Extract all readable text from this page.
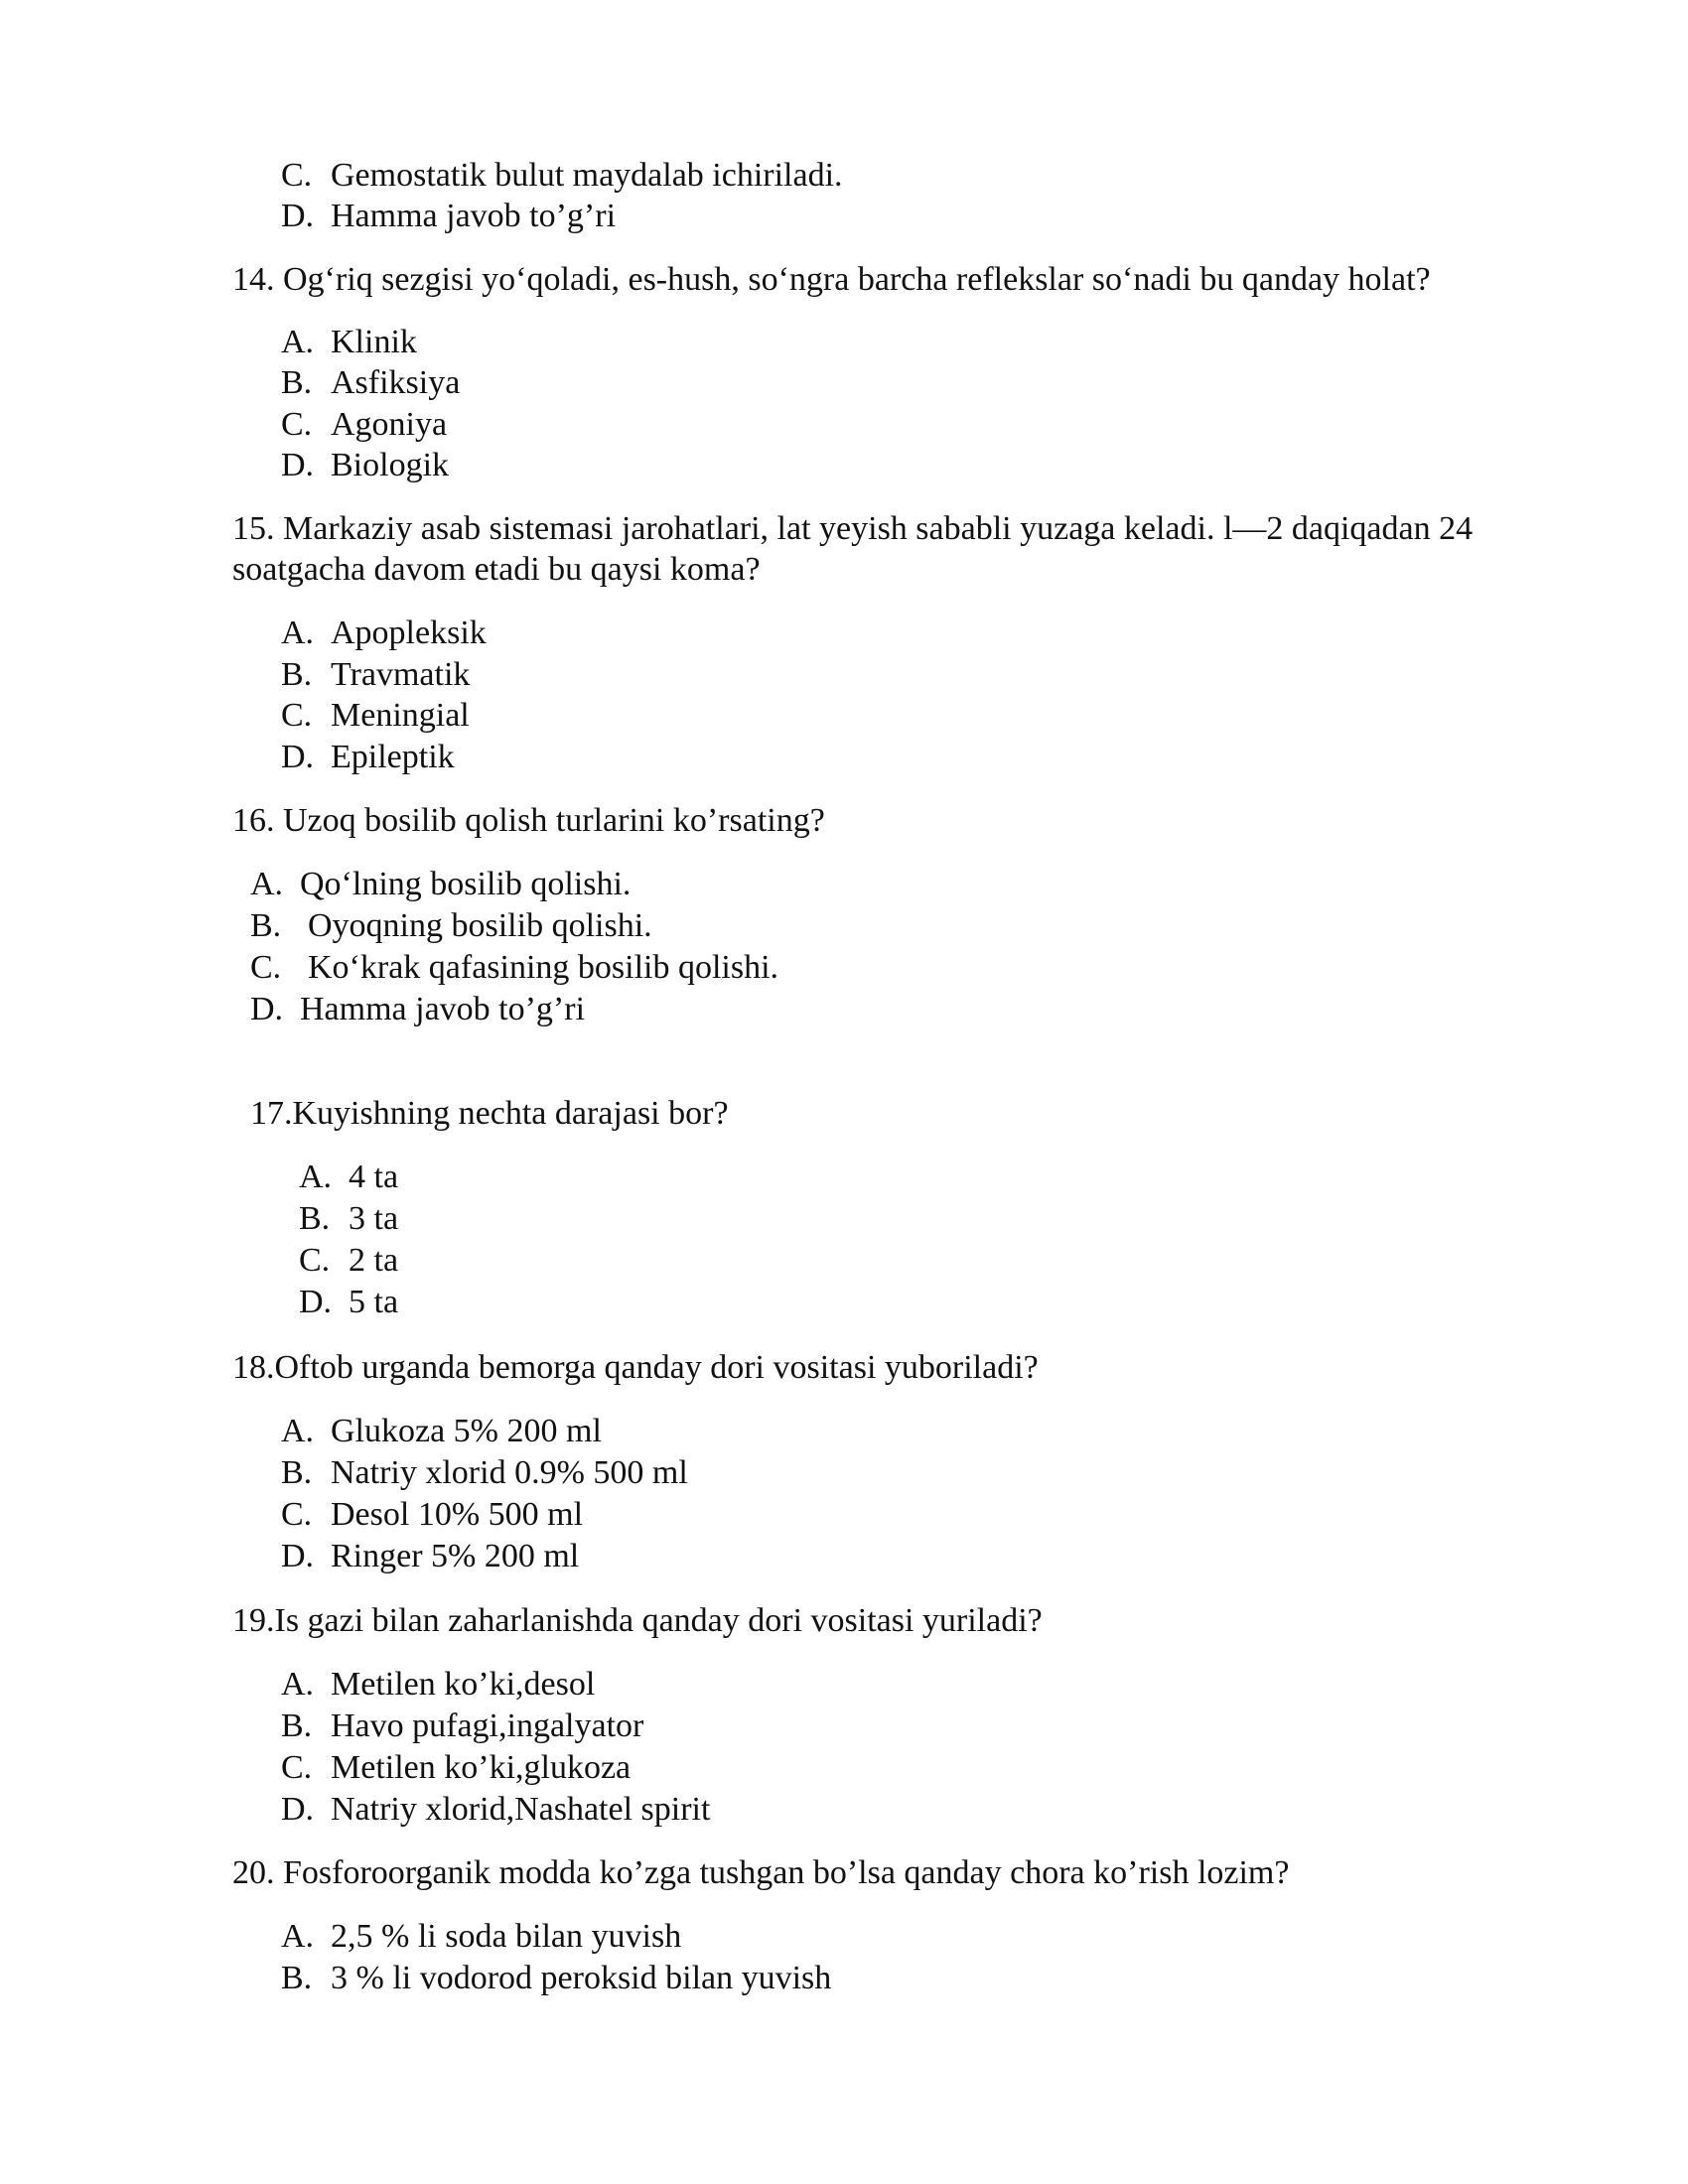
C. Gemostatik bulut maydalab ichiriladi.
D. Hamma javob to’g’ri
14. Og‘riq sezgisi yo‘qoladi, es-hush, so‘ngra barcha reflekslar so‘nadi bu qanday holat?
A. Klinik
B. Asfiksiya
C. Agoniya
D. Biologik
15. Markaziy asab sistemasi jarohatlari, lat yeyish sababli yuzaga keladi. l—2 daqiqadan 24
soatgacha davom etadi bu qaysi koma?
A. Apopleksik
B. Travmatik
C. Meningial
D. Epileptik
16. Uzoq bosilib qolish turlarini ko’rsating?
A. Qo‘lning bosilib qolishi.
B. Oyoqning bosilib qolishi.
C. Ko‘krak qafasining bosilib qolishi.
D. Hamma javob to’g’ri
17.Kuyishning nechta darajasi bor?
A. 4 ta
B. 3 ta
C. 2 ta
D. 5 ta
18.Oftob urganda bemorga qanday dori vositasi yuboriladi?
A. Glukoza 5% 200 ml
B. Natriy xlorid 0.9% 500 ml
C. Desol 10% 500 ml
D. Ringer 5% 200 ml
19.Is gazi bilan zaharlanishda qanday dori vositasi yuriladi?
A. Metilen ko’ki,desol
B. Havo pufagi,ingalyator
C. Metilen ko’ki,glukoza
D. Natriy xlorid,Nashatel spirit
20. Fosforoorganik modda ko’zga tushgan bo’lsa qanday chora ko’rish lozim?
A. 2,5 % li soda bilan yuvish
B. 3 % li vodorod peroksid bilan yuvish
